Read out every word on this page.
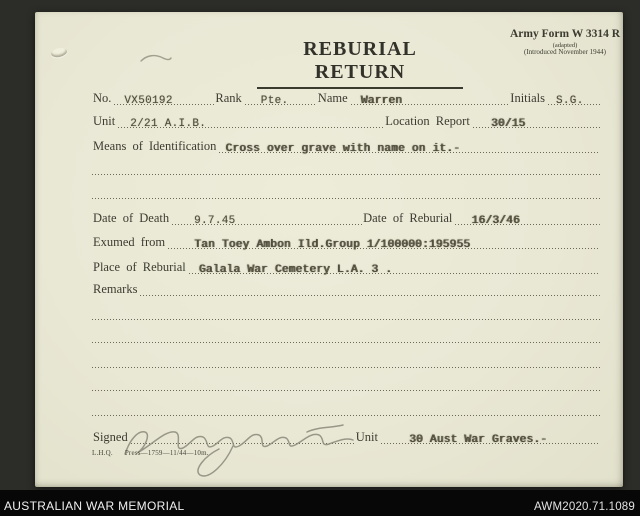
REBURIAL RETURN
Army Form W 3314 R
(adapted)
(Introduced November 1944)
No.	VX50192	Rank	Pte.	Name	Warren	Initials	S.G.
Unit	2/21 A.I.B.	Location Report	30/15
Means of Identification Cross over grave with name on it.-
Date of Death	9.7.45	Date of Reburial	16/3/46
Exumed from	Tan Toey Ambon Ild.Group 1/100000:195955
Place of Reburial	Galala War Cemetery L.A. 3 .
Remarks
Signed	Unit	30 Aust War Graves.-
L.H.Q. Press—1759—11/44—10m.
AUSTRALIAN WAR MEMORIAL	AWM2020.71.1089
